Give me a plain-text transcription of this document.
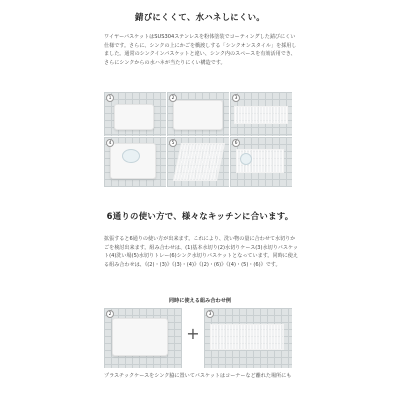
錆びにくくて、水ハネしにくい。
ワイヤーバスケットはSUS304ステンレスを粉体塗装でコーティングした錆びにくい仕様です。さらに、シンクの上にかごを橋渡しする「シンクオンスタイル」を採用しました。通常のシンクインバスケットと違い、シンク内のスペースを有効活用でき、さらにシンクからの水ハネが当たりにくい構造です。
1	2	3
4	5	6
6通りの使い方で、様々なキッチンに合います。
拡張すると6通りの使い方が出来ます。これにより、洗い物の量に合わせて水切りかごを検討出来ます。組み合わせは、(1)基本水切り(2)水切りケース(3)水切りバスケット(4)洗い場(5)水切りトレー(6)シンク水切りバスケットとなっています。同時に使える組み合わせは、《(2)・(3)》《(3)・(4)》《(2)・(6)》《(4)・(5)・(6)》です。
同時に使える組み合わせ例
2
+
3
プラスチックケースをシンク脇に置いてバスケットはコーナーなど離れた場所にも
